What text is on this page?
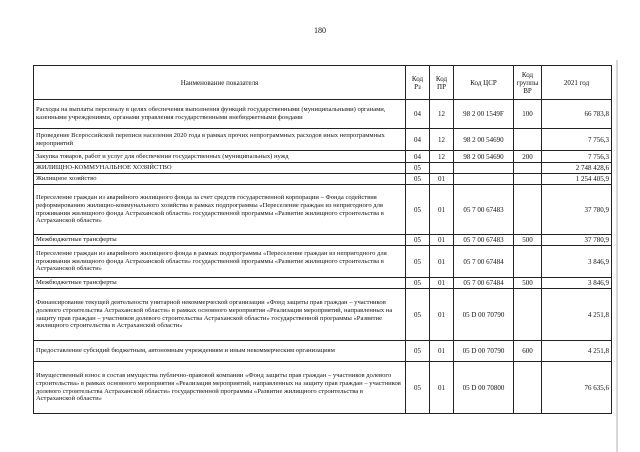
180
Наименование показателя	Код Рз	Код ПР	Код ЦСР	Код группы ВР	2021 год
Расходы на выплаты персоналу в целях обеспечения выполнения функций государственными (муниципальными) органами, казенными учреждениями, органами управления государственными внебюджетными фондами	04	12	98 2 00 1549F	100	66 783,8
Проведение Всероссийской переписи населения 2020 года в рамках прочих непрограммных расходов иных непрограммных мероприятий	04	12	98 2 00 54690		7 756,3
Закупка товаров, работ и услуг для обеспечения государственных (муниципальных) нужд	04	12	98 2 00 54690	200	7 756,3
ЖИЛИЩНО-КОММУНАЛЬНОЕ ХОЗЯЙСТВО	05				2 748 428,6
Жилищное хозяйство	05	01			1 254 405,9
Переселение граждан из аварийного жилищного фонда за счет средств государственной корпорации – Фонда содействия реформированию жилищно-коммунального хозяйства в рамках подпрограммы «Переселение граждан из непригодного для проживания жилищного фонда Астраханской области» государственной программы «Развитие жилищного строительства в Астраханской области»	05	01	05 7 00 67483		37 780,9
Межбюджетные трансферты	05	01	05 7 00 67483	500	37 780,9
Переселение граждан из аварийного жилищного фонда в рамках подпрограммы «Переселение граждан из непригодного для проживания жилищного фонда Астраханской области» государственной программы «Развитие жилищного строительства в Астраханской области»	05	01	05 7 00 67484		3 846,9
Межбюджетные трансферты	05	01	05 7 00 67484	500	3 846,9
Финансирование текущей деятельности унитарной некоммерческой организации «Фонд защиты прав граждан – участников долевого строительства Астраханской области» в рамках основного мероприятия «Реализация мероприятий, направленных на защиту прав граждан – участников долевого строительства Астраханской области» государственной программы «Развитие жилищного строительства в Астраханской области»	05	01	05 D 00 70790		4 251,8
Предоставление субсидий бюджетным, автономным учреждениям и иным некоммерческим организациям	05	01	05 D 00 70790	600	4 251,8
Имущественный взнос в состав имущества публично-правовой компании «Фонд защиты прав граждан – участников долевого строительства» в рамках основного мероприятия «Реализация мероприятий, направленных на защиту прав граждан – участников долевого строительства Астраханской области» государственной программы «Развитие жилищного строительства в Астраханской области»	05	01	05 D 00 70800		76 635,6
